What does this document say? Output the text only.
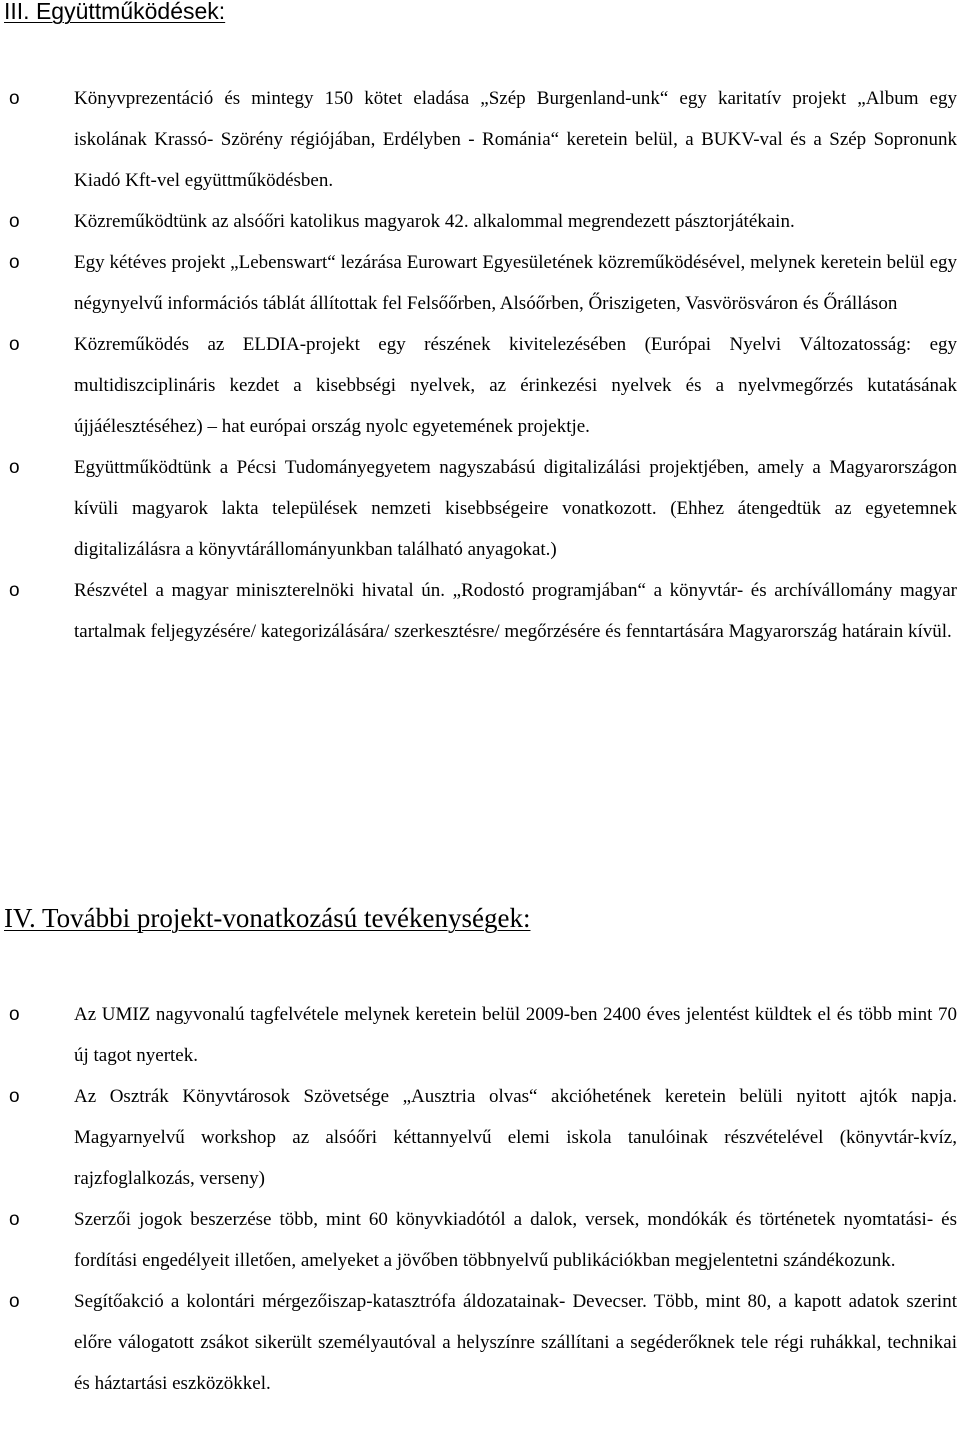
III. Együttműködések:
o	Könyvprezentáció és mintegy 150 kötet eladása „Szép Burgenland-unk“ egy karitatív projekt „Album egy iskolának Krassó- Szörény régiójában, Erdélyben - Románia“ keretein belül, a BUKV-val és a Szép Sopronunk Kiadó Kft-vel együttműködésben.
o	Közreműködtünk az alsóőri katolikus magyarok 42. alkalommal megrendezett pásztorjátékain.
o	Egy kétéves projekt „Lebenswart“ lezárása Eurowart Egyesületének közreműködésével, melynek keretein belül egy négynyelvű információs táblát állítottak fel Felsőőrben, Alsóőrben, Őriszigeten, Vasvörösváron és Őrálláson
o	Közreműködés az ELDIA-projekt egy részének kivitelezésében (Európai Nyelvi Változatosság: egy multidiszciplináris kezdet a kisebbségi nyelvek, az érinkezési nyelvek és a nyelvmegőrzés kutatásának újjáélesztéséhez) – hat európai ország nyolc egyetemének projektje.
o	Együttműködtünk a Pécsi Tudományegyetem nagyszabású digitalizálási projektjében, amely a Magyarországon kívüli magyarok lakta települések nemzeti kisebbségeire vonatkozott. (Ehhez átengedtük az egyetemnek digitalizálásra a könyvtárállományunkban található anyagokat.)
o	Részvétel a magyar miniszterelnöki hivatal ún. „Rodostó programjában“ a könyvtár- és archívállomány magyar tartalmak feljegyzésére/ kategorizálására/ szerkesztésre/ megőrzésére és fenntartására Magyarország határain kívül.
IV. További projekt-vonatkozású tevékenységek:
o	Az UMIZ nagyvonalú tagfelvétele melynek keretein belül 2009-ben 2400 éves jelentést küldtek el és több mint 70 új tagot nyertek.
o	Az Osztrák Könyvtárosok Szövetsége „Ausztria olvas“ akcióhetének keretein belüli nyitott ajtók napja. Magyarnyelvű workshop az alsóőri kéttannyelvű elemi iskola tanulóinak részvételével (könyvtár-kvíz, rajzfoglalkozás, verseny)
o	Szerzői jogok beszerzése több, mint 60 könyvkiadótól a dalok, versek, mondókák és történetek nyomtatási- és fordítási engedélyeit illetően, amelyeket a jövőben többnyelvű publikációkban megjelentetni szándékozunk.
o	Segítőakció a kolontári mérgezőiszap-katasztrófa áldozatainak- Devecser. Több, mint 80, a kapott adatok szerint előre válogatott zsákot sikerült személyautóval a helyszínre szállítani a segéderőknek tele régi ruhákkal, technikai és háztartási eszközökkel.
